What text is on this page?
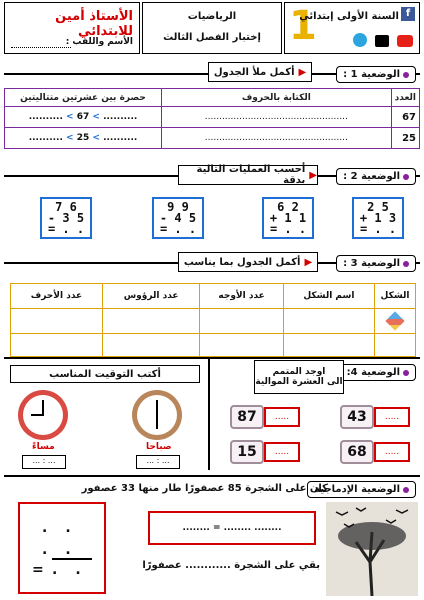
الأستاذ أمين للابتدائي
الأسم واللقب :
الرياضيات
إختبار الفصل الثالث 1
السنة الأولى إبتدائي f
الوضعية 1 :
▶
أكمل ملأ الجدول
العدد	الكتابة بالحروف	حصرة بين عشرتين متتاليتين
67	..................................................	.......... < 67 < ..........
25	..................................................	.......... < 25 < ..........
الوضعية 2 :
▶
أحسب العمليات التالية بدقة
2 5
+ 1 3
= . .
6 2
+ 1 1
= . .
9 9
- 4 5
= . .
7 6
- 3 5
= . .
الوضعية 3 :
▶
أكمل الجدول بما يناسب
الشكل	اسم الشكل	عدد الأوجه	عدد الرؤوس	عدد الأحرف

الوضعية 4:
اوجد المتمم
الى العشرة الموالية
43	.....
87	.....
68	.....
15	.....
أكتب التوقيت المناسب
صباحا
... : ...
مساءً
... : ...
الوضعية الإدماجية
كان على الشجرة 85 عصفورًا طار منها 33 عصفور
........ = ........ ........
بقي على الشجرة ............ عصفورًا
..
..
= ..
